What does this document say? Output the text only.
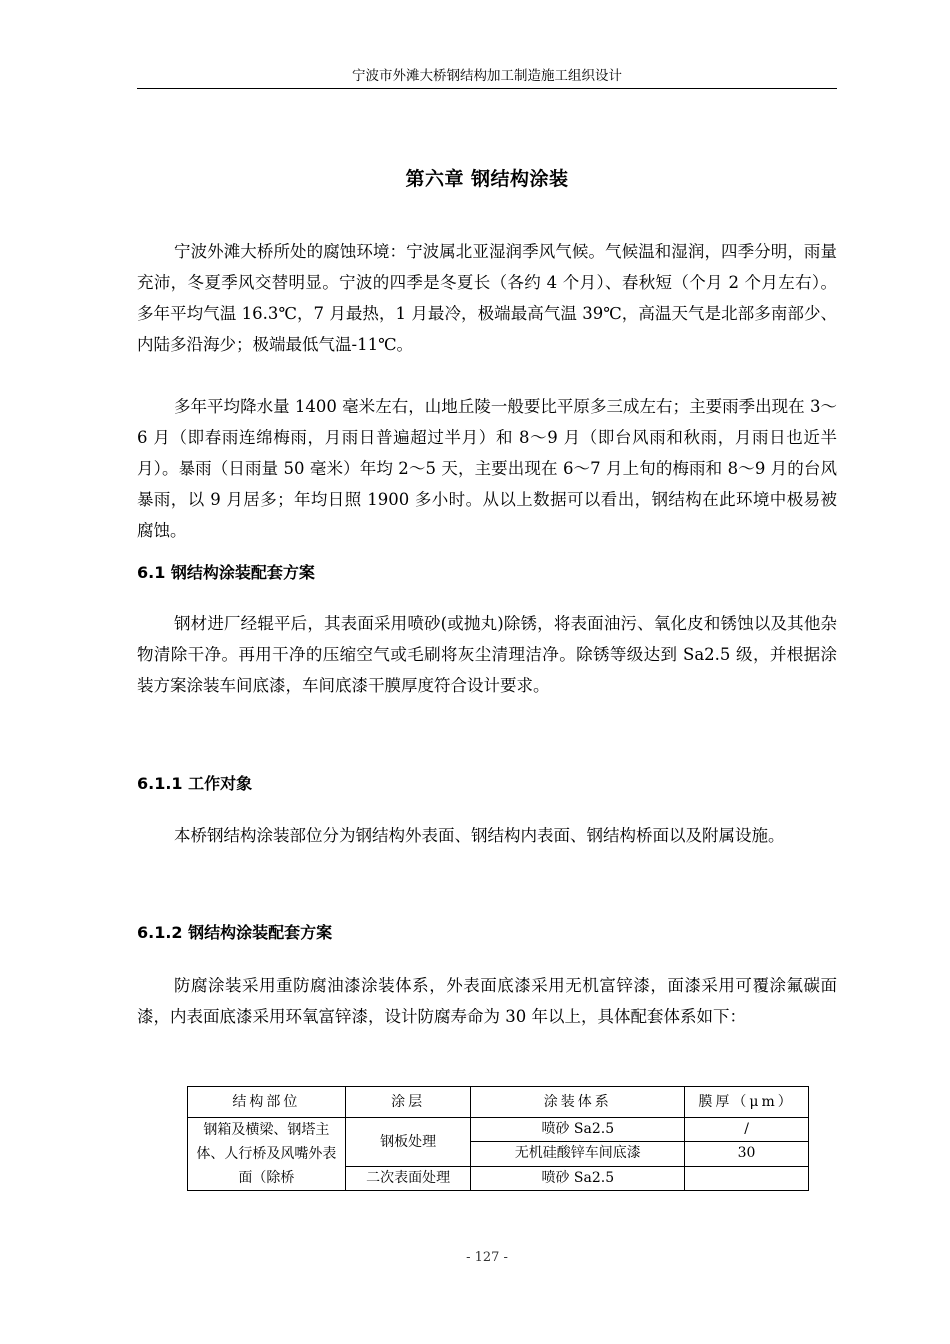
宁波市外滩大桥钢结构加工制造施工组织设计
第六章 钢结构涂装

宁波外滩大桥所处的腐蚀环境：宁波属北亚湿润季风气候。气候温和湿润，四季分明，雨量充沛，冬夏季风交替明显。宁波的四季是冬夏长（各约 4 个月）、春秋短（个月 2 个月左右）。多年平均气温 16.3℃，7 月最热，1 月最冷，极端最高气温 39℃，高温天气是北部多南部少、内陆多沿海少；极端最低气温-11℃。

多年平均降水量 1400 毫米左右，山地丘陵一般要比平原多三成左右；主要雨季出现在 3～6 月（即春雨连绵梅雨，月雨日普遍超过半月）和 8～9 月（即台风雨和秋雨，月雨日也近半月）。暴雨（日雨量 50 毫米）年均 2～5 天，主要出现在 6～7 月上旬的梅雨和 8～9 月的台风暴雨，以 9 月居多；年均日照 1900 多小时。从以上数据可以看出，钢结构在此环境中极易被腐蚀。

6.1 钢结构涂装配套方案

钢材进厂经辊平后，其表面采用喷砂(或抛丸)除锈，将表面油污、氧化皮和锈蚀以及其他杂物清除干净。再用干净的压缩空气或毛刷将灰尘清理洁净。除锈等级达到 Sa2.5 级，并根据涂装方案涂装车间底漆，车间底漆干膜厚度符合设计要求。

6.1.1 工作对象

本桥钢结构涂装部位分为钢结构外表面、钢结构内表面、钢结构桥面以及附属设施。

6.1.2 钢结构涂装配套方案

防腐涂装采用重防腐油漆涂装体系，外表面底漆采用无机富锌漆，面漆采用可覆涂氟碳面漆，内表面底漆采用环氧富锌漆，设计防腐寿命为 30 年以上，具体配套体系如下：

结构部位	涂层	涂装体系	膜厚（μm）
钢箱及横梁、钢塔主体、人行桥及风嘴外表面（除桥	钢板处理	喷砂 Sa2.5	/
		无机硅酸锌车间底漆	30
	二次表面处理	喷砂 Sa2.5	
- 127 -
